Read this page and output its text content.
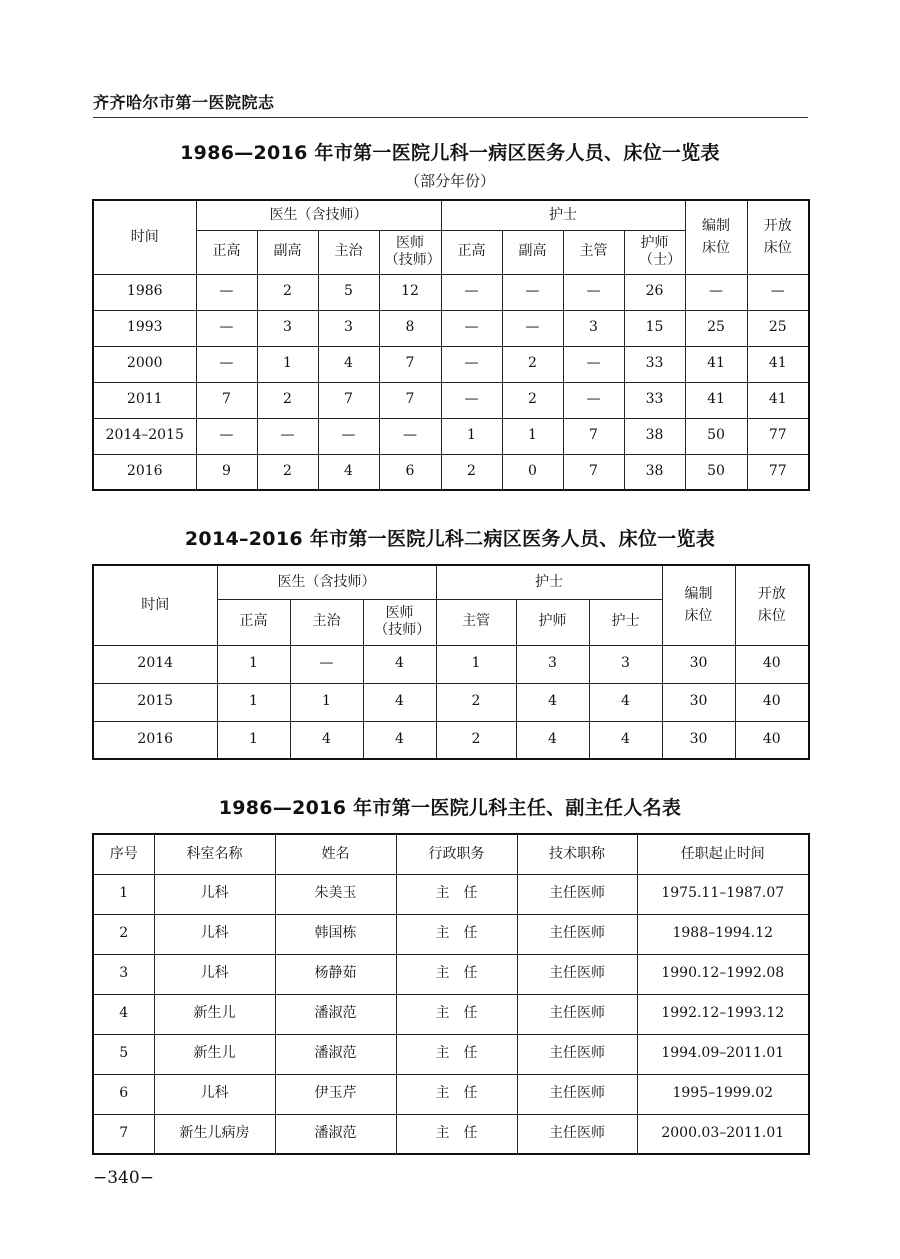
齐齐哈尔市第一医院院志
1986—2016 年市第一医院儿科一病区医务人员、床位一览表
（部分年份）
时间	医生（含技师）				护士				编制床位	开放床位
	正高	副高	主治	医师（技师）	正高	副高	主管	护师（士）		
1986	—	2	5	12	—	—	—	26	—	—
1993	—	3	3	8	—	—	3	15	25	25
2000	—	1	4	7	—	2	—	33	41	41
2011	7	2	7	7	—	2	—	33	41	41
2014–2015	—	—	—	—	1	1	7	38	50	77
2016	9	2	4	6	2	0	7	38	50	77
2014–2016 年市第一医院儿科二病区医务人员、床位一览表
时间	医生（含技师）			护士			编制床位	开放床位
	正高	主治	医师（技师）	主管	护师	护士		
2014	1	—	4	1	3	3	30	40
2015	1	1	4	2	4	4	30	40
2016	1	4	4	2	4	4	30	40
1986—2016 年市第一医院儿科主任、副主任人名表
序号	科室名称	姓名	行政职务	技术职称	任职起止时间
1	儿科	朱美玉	主　任	主任医师	1975.11–1987.07
2	儿科	韩国栋	主　任	主任医师	1988–1994.12
3	儿科	杨静茹	主　任	主任医师	1990.12–1992.08
4	新生儿	潘淑范	主　任	主任医师	1992.12–1993.12
5	新生儿	潘淑范	主　任	主任医师	1994.09–2011.01
6	儿科	伊玉芹	主　任	主任医师	1995–1999.02
7	新生儿病房	潘淑范	主　任	主任医师	2000.03–2011.01
−340−
